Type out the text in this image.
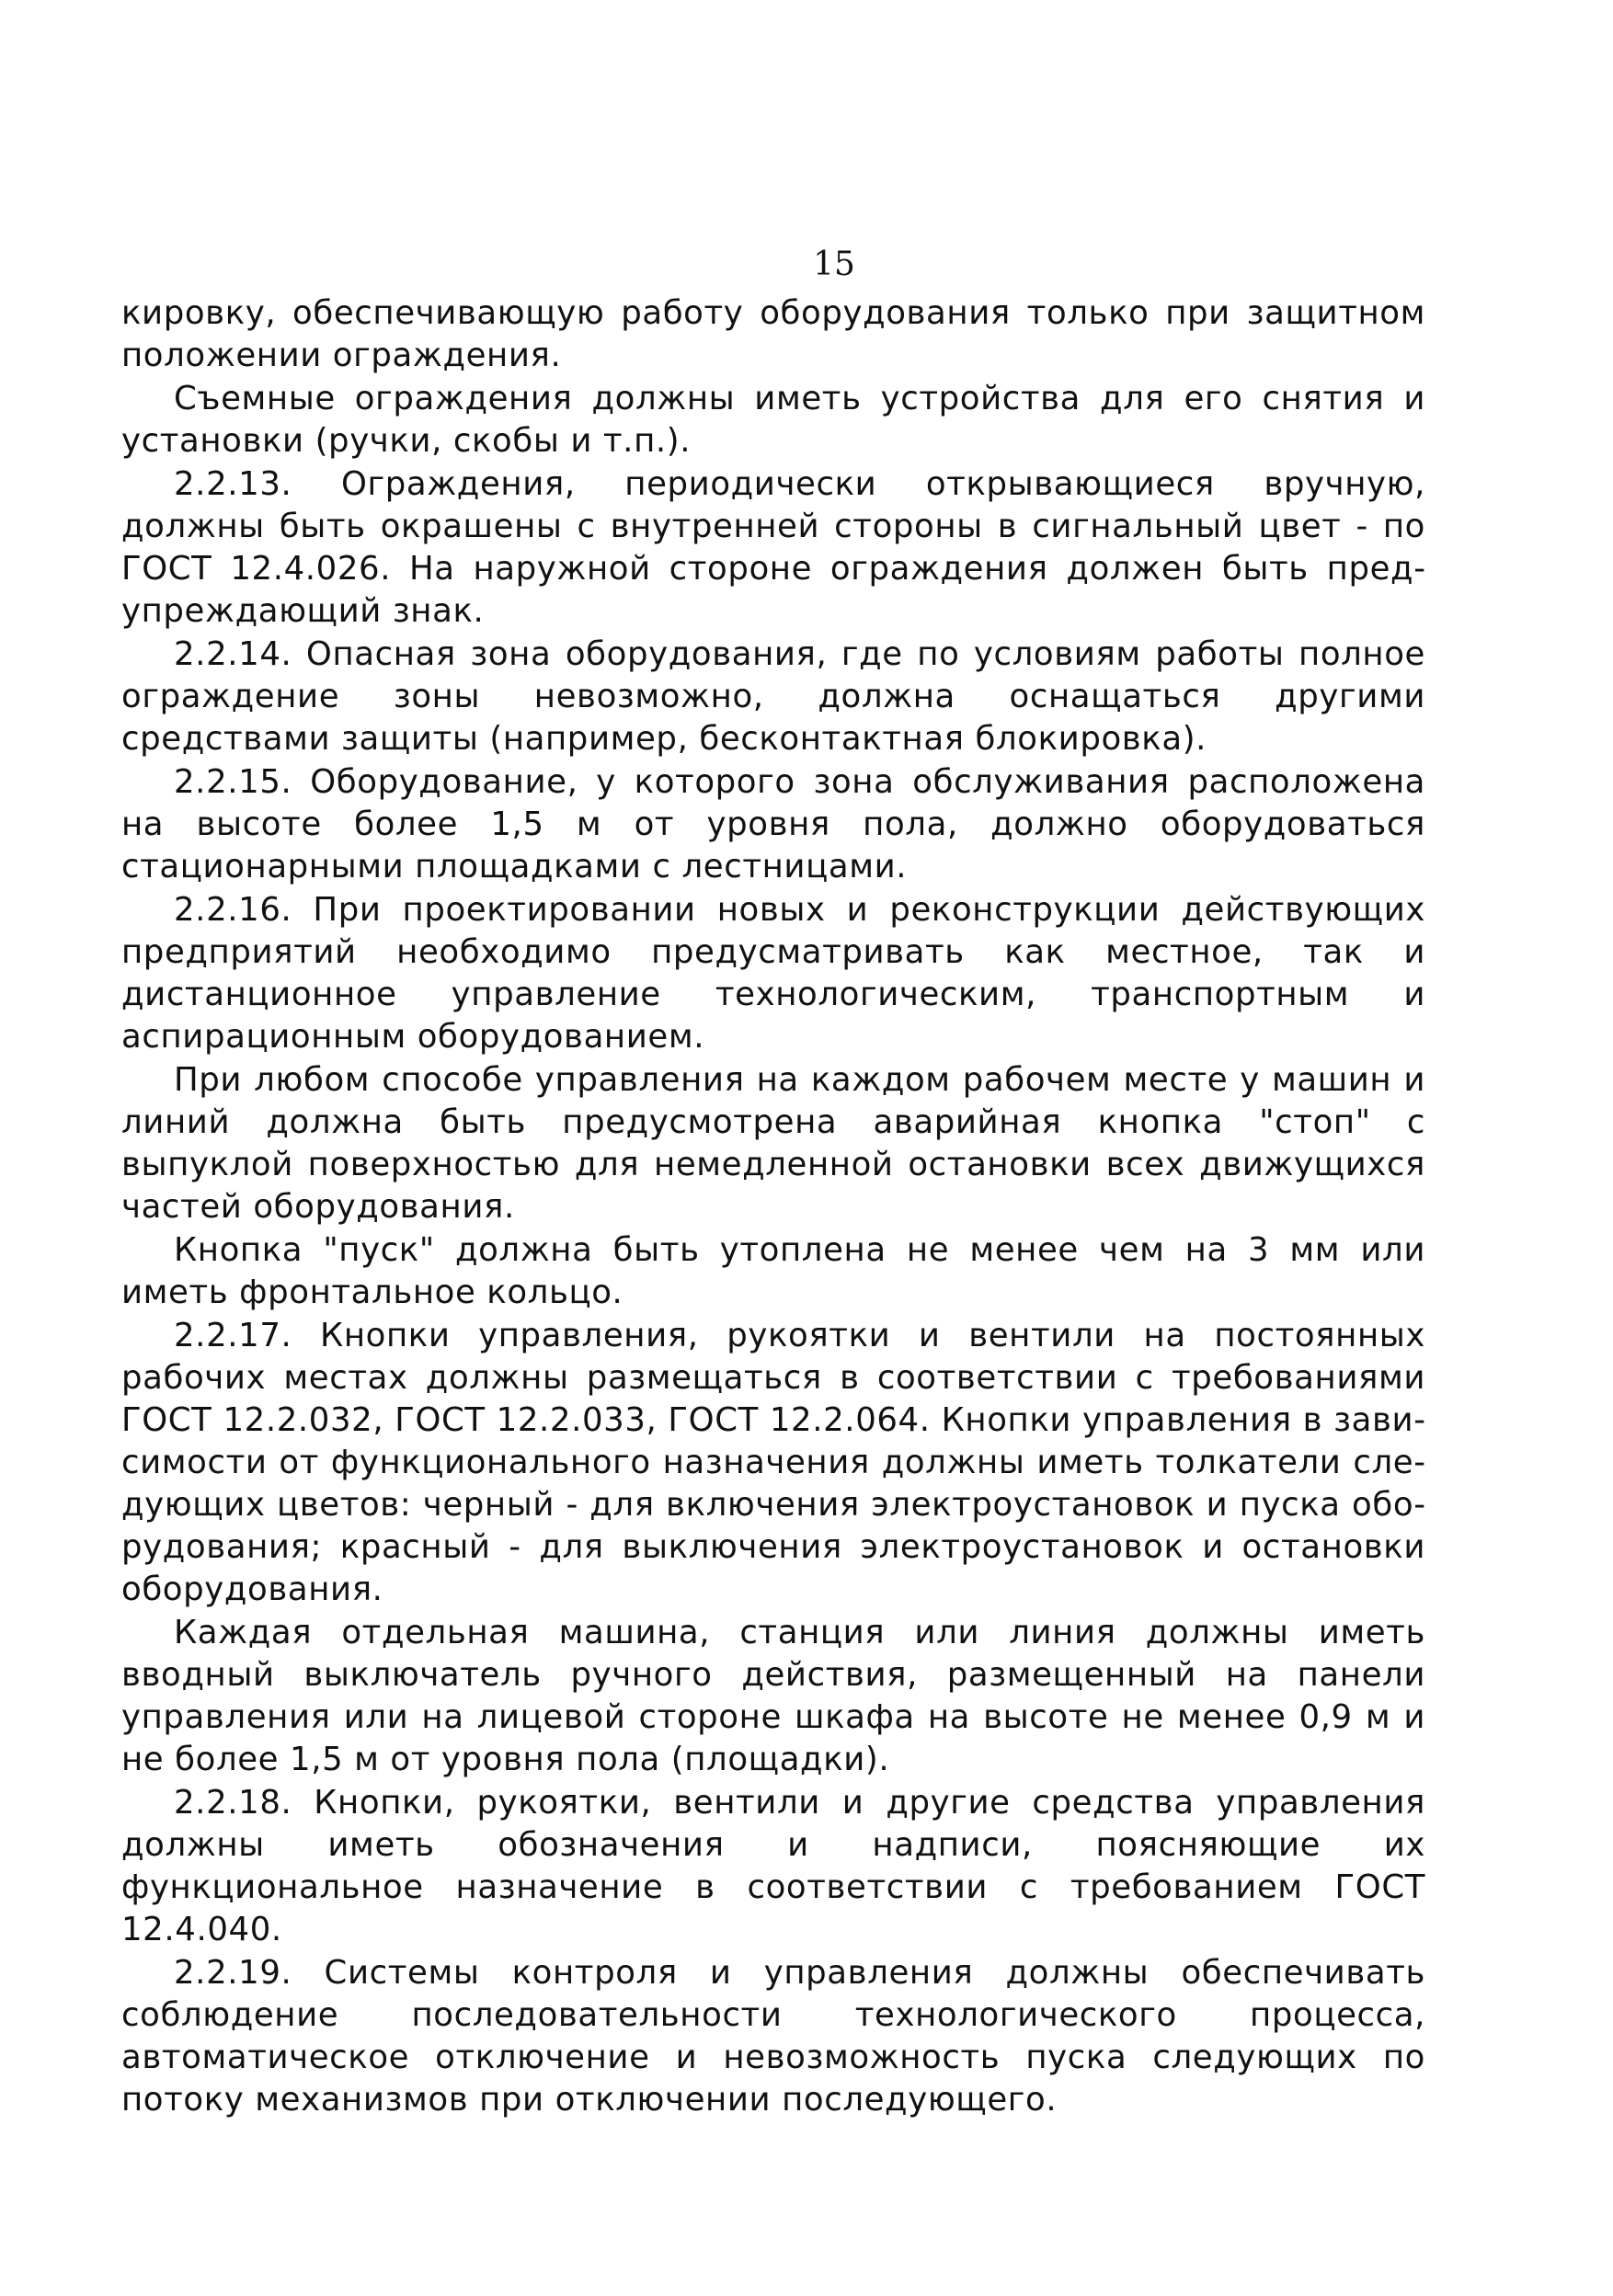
15

кировку, обеспечивающую работу оборудования только при защитном положении ограждения.

Съемные ограждения должны иметь устройства для его снятия и установки (ручки, скобы и т.п.).

2.2.13. Ограждения, периодически открывающиеся вручную, должны быть окрашены с внутренней стороны в сигнальный цвет - по ГОСТ 12.4.026. На наружной стороне ограждения должен быть предупреждающий знак.

2.2.14. Опасная зона оборудования, где по условиям работы полное ограждение зоны невозможно, должна оснащаться другими средствами защиты (например, бесконтактная блокировка).

2.2.15. Оборудование, у которого зона обслуживания расположена на высоте более 1,5 м от уровня пола, должно оборудоваться стационарными площадками с лестницами.

2.2.16. При проектировании новых и реконструкции действующих предприятий необходимо предусматривать как местное, так и дистанционное управление технологическим, транспортным и аспирационным оборудованием.

При любом способе управления на каждом рабочем месте у машин и линий должна быть предусмотрена аварийная кнопка "стоп" с выпуклой поверхностью для немедленной остановки всех движущихся частей оборудования.

Кнопка "пуск" должна быть утоплена не менее чем на 3 мм или иметь фронтальное кольцо.

2.2.17. Кнопки управления, рукоятки и вентили на постоянных рабочих местах должны размещаться в соответствии с требованиями ГОСТ 12.2.032, ГОСТ 12.2.033, ГОСТ 12.2.064. Кнопки управления в зависимости от функционального назначения должны иметь толкатели следующих цветов: черный - для включения электроустановок и пуска оборудования; красный - для выключения электроустановок и остановки оборудования.

Каждая отдельная машина, станция или линия должны иметь вводный выключатель ручного действия, размещенный на панели управления или на лицевой стороне шкафа на высоте не менее 0,9 м и не более 1,5 м от уровня пола (площадки).

2.2.18. Кнопки, рукоятки, вентили и другие средства управления должны иметь обозначения и надписи, поясняющие их функциональное назначение в соответствии с требованием ГОСТ 12.4.040.

2.2.19. Системы контроля и управления должны обеспечивать соблюдение последовательности технологического процесса, автоматическое отключение и невозможность пуска следующих по потоку механизмов при отключении последующего.
